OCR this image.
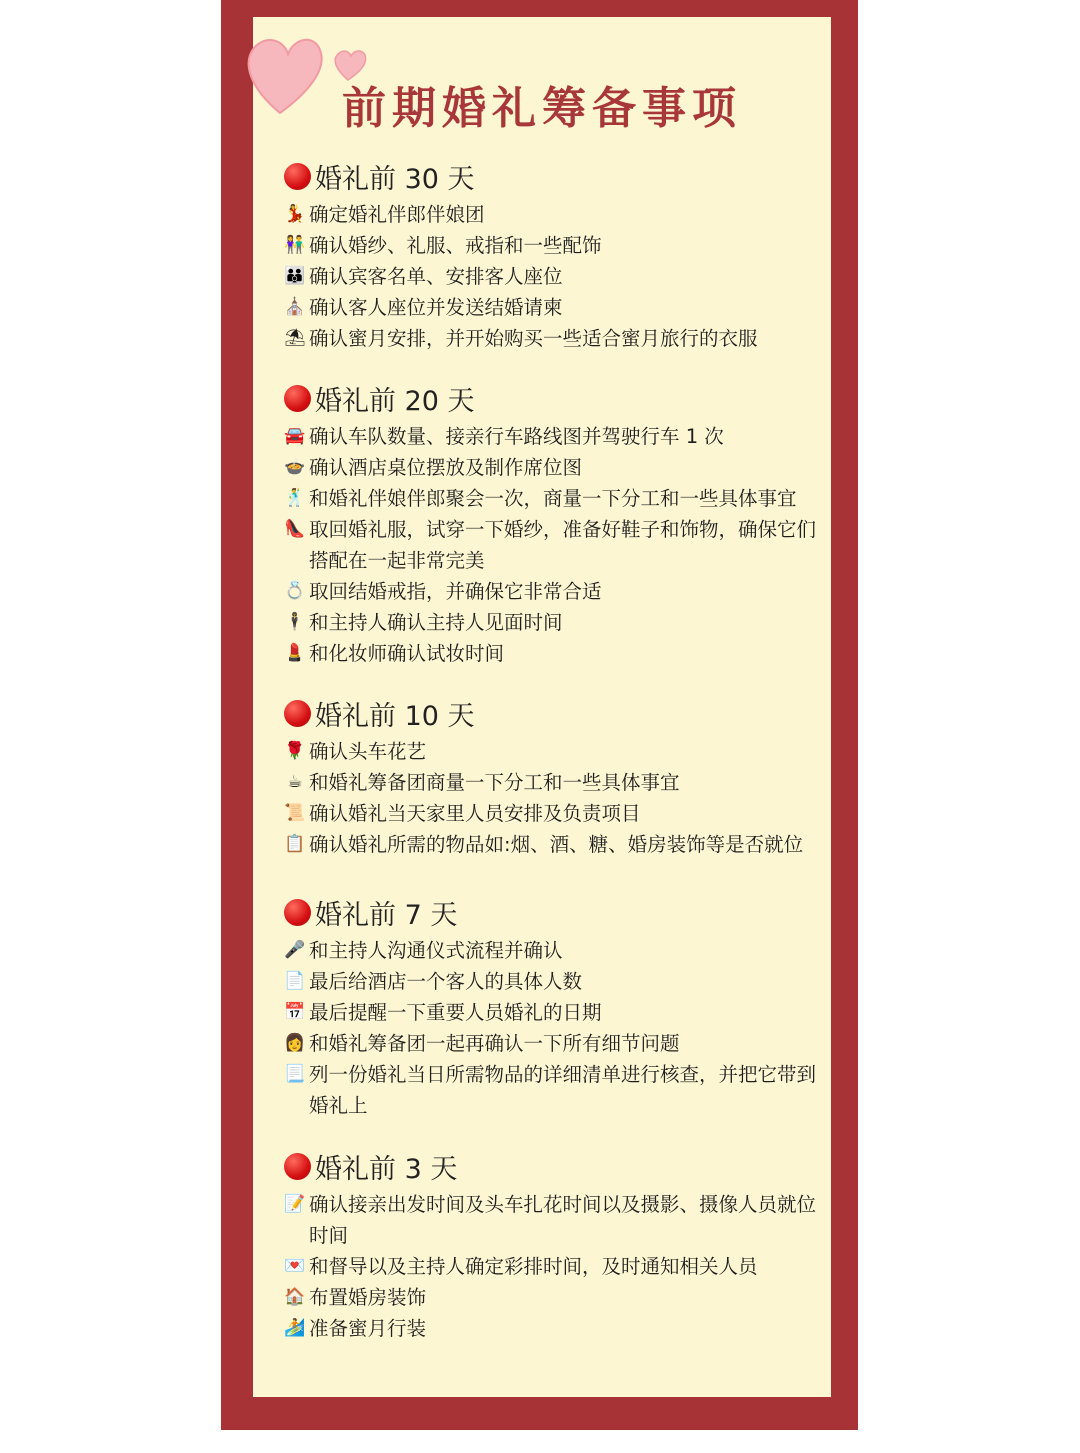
前期婚礼筹备事项
婚礼前 30 天
💃 确定婚礼伴郎伴娘团
👫 确认婚纱、礼服、戒指和一些配饰
👪 确认宾客名单、安排客人座位
⛪ 确认客人座位并发送结婚请柬
⛱ 确认蜜月安排，并开始购买一些适合蜜月旅行的衣服
婚礼前 20 天
🚘 确认车队数量、接亲行车路线图并驾驶行车 1 次
🍲 确认酒店桌位摆放及制作席位图
🕺 和婚礼伴娘伴郎聚会一次，商量一下分工和一些具体事宜
👠 取回婚礼服，试穿一下婚纱，准备好鞋子和饰物，确保它们搭配在一起非常完美
💍 取回结婚戒指，并确保它非常合适
🕴 和主持人确认主持人见面时间
💄 和化妆师确认试妆时间
婚礼前 10 天
🌹 确认头车花艺
☕ 和婚礼筹备团商量一下分工和一些具体事宜
📜 确认婚礼当天家里人员安排及负责项目
📋 确认婚礼所需的物品如:烟、酒、糖、婚房装饰等是否就位
婚礼前 7 天
🎤 和主持人沟通仪式流程并确认
📄 最后给酒店一个客人的具体人数
📅 最后提醒一下重要人员婚礼的日期
👩 和婚礼筹备团一起再确认一下所有细节问题
📃 列一份婚礼当日所需物品的详细清单进行核查，并把它带到婚礼上
婚礼前 3 天
📝 确认接亲出发时间及头车扎花时间以及摄影、摄像人员就位时间
💌 和督导以及主持人确定彩排时间，及时通知相关人员
🏠 布置婚房装饰
🏄 准备蜜月行装
